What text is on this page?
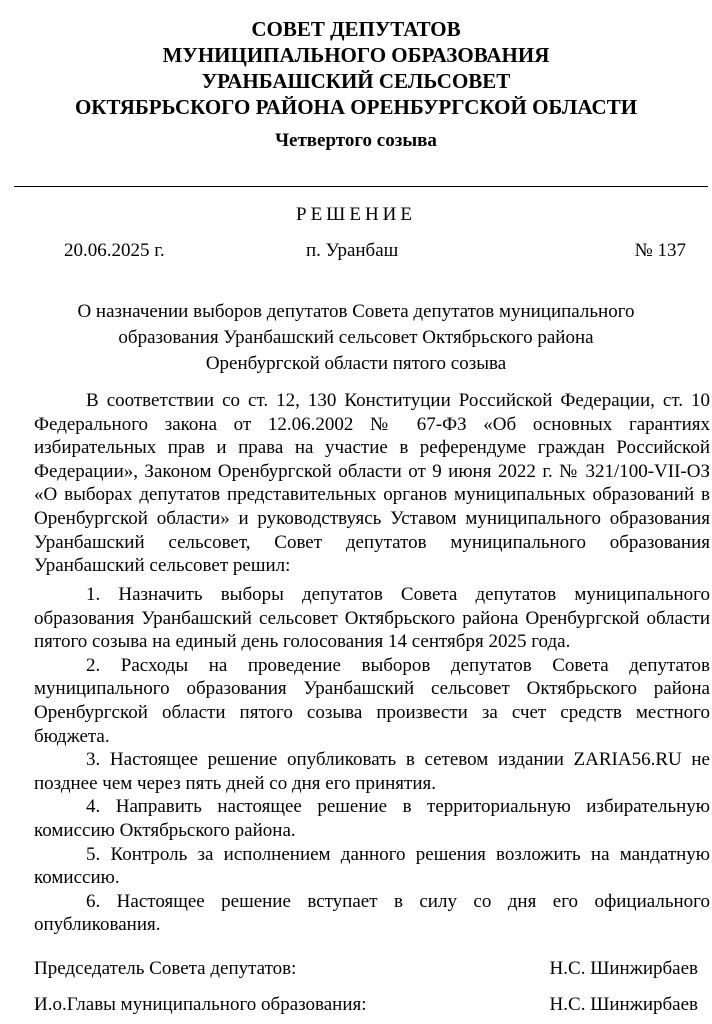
СОВЕТ ДЕПУТАТОВ
МУНИЦИПАЛЬНОГО ОБРАЗОВАНИЯ
УРАНБАШСКИЙ СЕЛЬСОВЕТ
ОКТЯБРЬСКОГО РАЙОНА ОРЕНБУРГСКОЙ ОБЛАСТИ
Четвертого созыва
РЕШЕНИЕ
20.06.2025 г.	п. Уранбаш	№ 137
О назначении выборов депутатов Совета депутатов муниципального
образования Уранбашский сельсовет Октябрьского района
Оренбургской области пятого созыва

В соответствии со ст. 12, 130 Конституции Российской Федерации, ст. 10 Федерального закона от 12.06.2002 № 67-ФЗ «Об основных гарантиях избирательных прав и права на участие в референдуме граждан Российской Федерации», Законом Оренбургской области от 9 июня 2022 г. № 321/100-VII-ОЗ «О выборах депутатов представительных органов муниципальных образований в Оренбургской области» и руководствуясь Уставом муниципального образования Уранбашский сельсовет, Совет депутатов муниципального образования Уранбашский сельсовет решил:

1. Назначить выборы депутатов Совета депутатов муниципального образования Уранбашский сельсовет Октябрьского района Оренбургской области пятого созыва на единый день голосования 14 сентября 2025 года.

2. Расходы на проведение выборов депутатов Совета депутатов муниципального образования Уранбашский сельсовет Октябрьского района Оренбургской области пятого созыва произвести за счет средств местного бюджета.

3. Настоящее решение опубликовать в сетевом издании ZARIA56.RU не позднее чем через пять дней со дня его принятия.

4. Направить настоящее решение в территориальную избирательную комиссию Октябрьского района.

5. Контроль за исполнением данного решения возложить на мандатную комиссию.

6. Настоящее решение вступает в силу со дня его официального опубликования.

Председатель Совета депутатов:	Н.С. Шинжирбаев
И.о.Главы муниципального образования:	Н.С. Шинжирбаев
